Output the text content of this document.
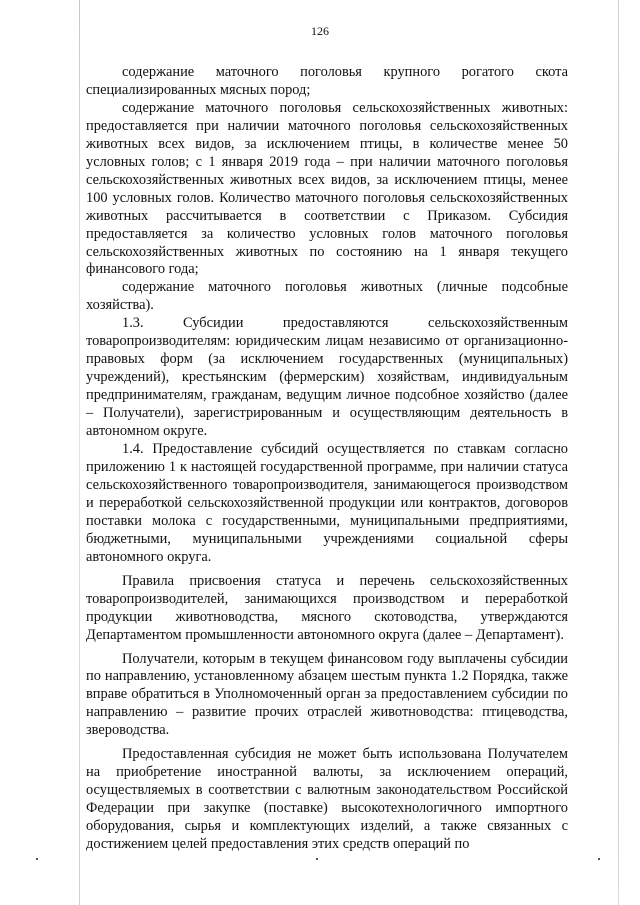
126

содержание маточного поголовья крупного рогатого скота специализированных мясных пород;

содержание маточного поголовья сельскохозяйственных животных: предоставляется при наличии маточного поголовья сельскохозяйственных животных всех видов, за исключением птицы, в количестве менее 50 условных голов; с 1 января 2019 года – при наличии маточного поголовья сельскохозяйственных животных всех видов, за исключением птицы, менее 100 условных голов. Количество маточного поголовья сельскохозяйственных животных рассчитывается в соответствии с Приказом. Субсидия предоставляется за количество условных голов маточного поголовья сельскохозяйственных животных по состоянию на 1 января текущего финансового года;

содержание маточного поголовья животных (личные подсобные хозяйства).

1.3. Субсидии предоставляются сельскохозяйственным товаропроизводителям: юридическим лицам независимо от организационно-правовых форм (за исключением государственных (муниципальных) учреждений), крестьянским (фермерским) хозяйствам, индивидуальным предпринимателям, гражданам, ведущим личное подсобное хозяйство (далее – Получатели), зарегистрированным и осуществляющим деятельность в автономном округе.

1.4. Предоставление субсидий осуществляется по ставкам согласно приложению 1 к настоящей государственной программе, при наличии статуса сельскохозяйственного товаропроизводителя, занимающегося производством и переработкой сельскохозяйственной продукции или контрактов, договоров поставки молока с государственными, муниципальными предприятиями, бюджетными, муниципальными учреждениями социальной сферы автономного округа.

Правила присвоения статуса и перечень сельскохозяйственных товаропроизводителей, занимающихся производством и переработкой продукции животноводства, мясного скотоводства, утверждаются Департаментом промышленности автономного округа (далее – Департамент).

Получатели, которым в текущем финансовом году выплачены субсидии по направлению, установленному абзацем шестым пункта 1.2 Порядка, также вправе обратиться в Уполномоченный орган за предоставлением субсидии по направлению – развитие прочих отраслей животноводства: птицеводства, звероводства.

Предоставленная субсидия не может быть использована Получателем на приобретение иностранной валюты, за исключением операций, осуществляемых в соответствии с валютным законодательством Российской Федерации при закупке (поставке) высокотехнологичного импортного оборудования, сырья и комплектующих изделий, а также связанных с достижением целей предоставления этих средств операций по
